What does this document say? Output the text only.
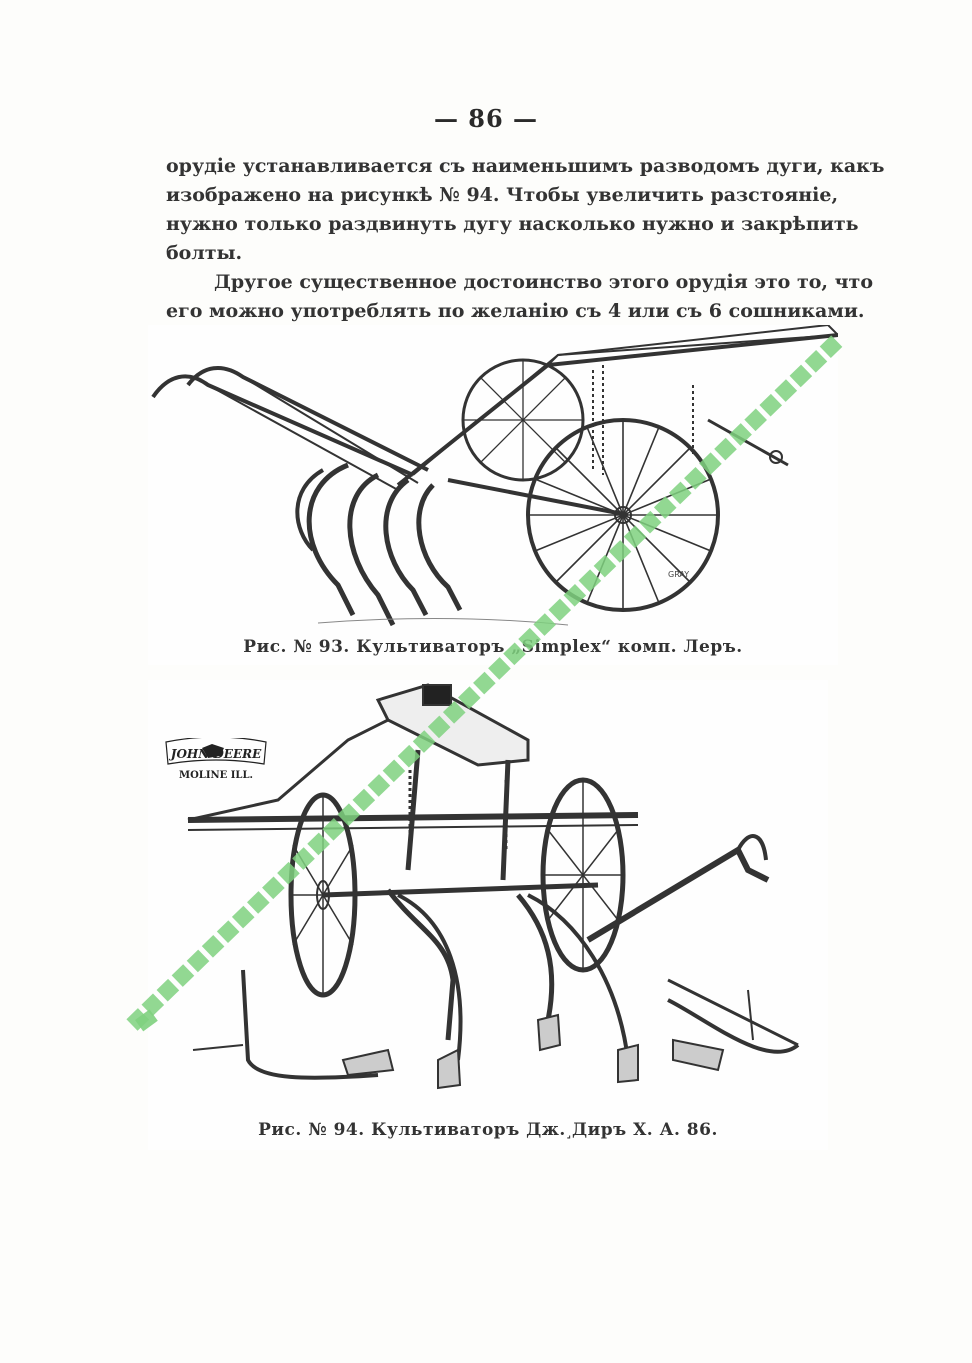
— 86 —

орудіе устанавливается съ наименьшимъ разводомъ дуги, какъ
изображено на рисункѣ № 94. Чтобы увеличить разстояніе,
нужно только раздвинуть дугу насколько нужно и закрѣпить
болты.

Другое существенное достоинство этого орудія это то, что
его можно употреблять по желанію съ 4 или съ 6 сошниками.

GRAY
Рис. № 93. Культиваторъ „Simplex“ комп. Леръ.
Рис. № 94. Культиваторъ Дж.˼Диръ Х. А. 86.
JOHN DEERE
MOLINE ILL.
